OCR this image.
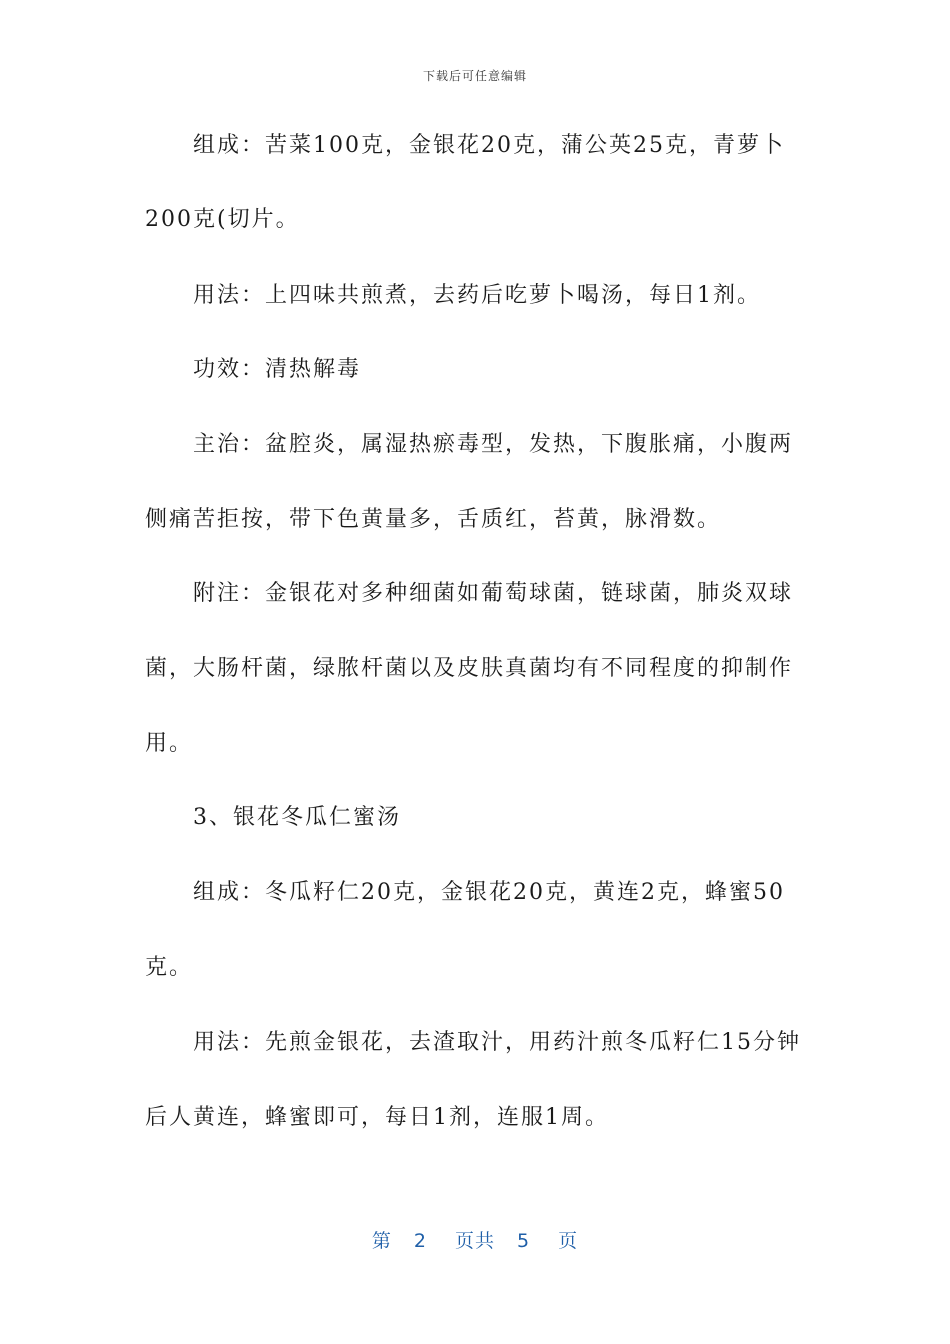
下载后可任意编辑
组成：苦菜100克，金银花20克，蒲公英25克，青萝卜
200克(切片。
用法：上四味共煎煮，去药后吃萝卜喝汤，每日1剂。
功效：清热解毒
主治：盆腔炎，属湿热瘀毒型，发热，下腹胀痛，小腹两
侧痛苦拒按，带下色黄量多，舌质红，苔黄，脉滑数。
附注：金银花对多种细菌如葡萄球菌，链球菌，肺炎双球
菌，大肠杆菌，绿脓杆菌以及皮肤真菌均有不同程度的抑制作
用。
3、银花冬瓜仁蜜汤
组成：冬瓜籽仁20克，金银花20克，黄连2克，蜂蜜50
克。
用法：先煎金银花，去渣取汁，用药汁煎冬瓜籽仁15分钟
后人黄连，蜂蜜即可，每日1剂，连服1周。
第 2 页共 5 页
